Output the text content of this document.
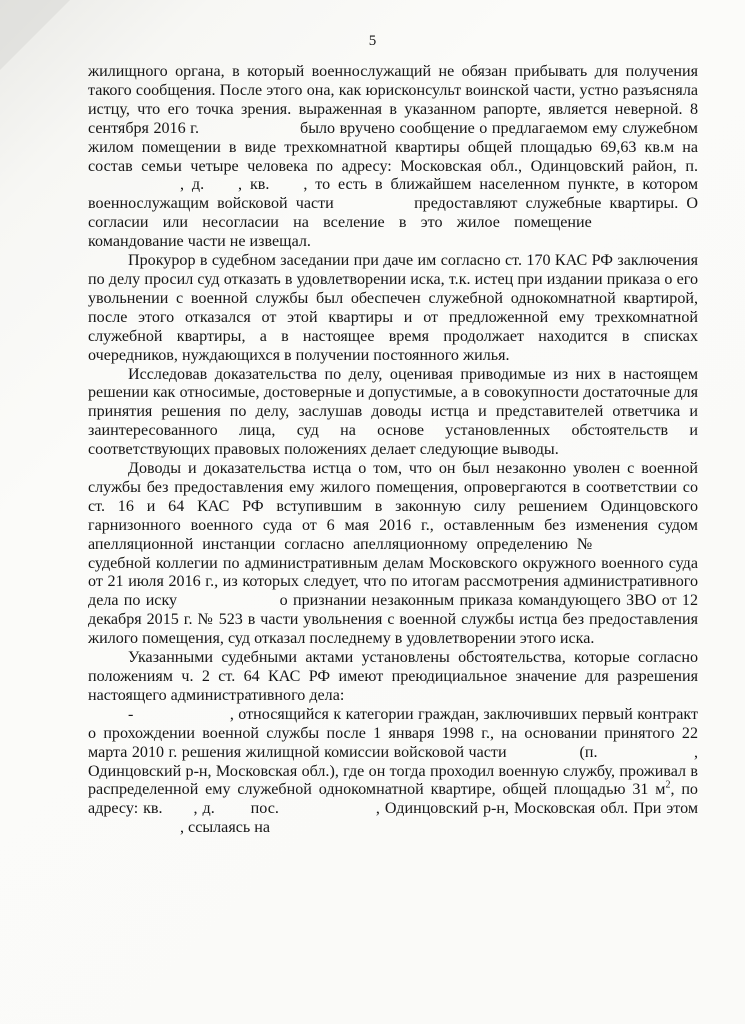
5

жилищного органа, в который военнослужащий не обязан прибывать для получения такого сообщения. После этого она, как юрисконсульт воинской части, устно разъясняла истцу, что его точка зрения. выраженная в указанном рапорте, является неверной. 8 сентября 2016 г.	было вручено сообщение о предлагаемом ему служебном жилом помещении в виде трехкомнатной квартиры общей площадью 69,63 кв.м на состав семьи четыре человека по адресу: Московская обл., Одинцовский район, п. , д. , кв. , то есть в ближайшем населенном пункте, в котором военнослужащим войсковой части	предоставляют служебные квартиры. О согласии или несогласии на вселение в это жилое помещение  командование части не извещал.

Прокурор в судебном заседании при даче им согласно ст. 170 КАС РФ заключения по делу просил суд отказать в удовлетворении иска, т.к. истец при издании приказа о его увольнении с военной службы был обеспечен служебной однокомнатной квартирой, после этого отказался от этой квартиры и от предложенной ему трехкомнатной служебной квартиры, а в настоящее время продолжает находится в списках очередников, нуждающихся в получении постоянного жилья.

Исследовав доказательства по делу, оценивая приводимые из них в настоящем решении как относимые, достоверные и допустимые, а в совокупности достаточные для принятия решения по делу, заслушав доводы истца и представителей ответчика и заинтересованного лица, суд на основе установленных обстоятельств и соответствующих правовых положениях делает следующие выводы.

Доводы и доказательства истца о том, что он был незаконно уволен с военной службы без предоставления ему жилого помещения, опровергаются в соответствии со ст. 16 и 64 КАС РФ вступившим в законную силу решением Одинцовского гарнизонного военного суда от 6 мая 2016 г., оставленным без изменения судом апелляционной инстанции согласно апелляционному определению №  судебной коллегии по административным делам Московского окружного военного суда от 21 июля 2016 г., из которых следует, что по итогам рассмотрения административного дела по иску	о признании незаконным приказа командующего ЗВО от 12 декабря 2015 г. № 523 в части увольнения с военной службы истца без предоставления жилого помещения, суд отказал последнему в удовлетворении этого иска.

Указанными судебными актами установлены обстоятельства, которые согласно положениям ч. 2 ст. 64 КАС РФ имеют преюдициальное значение для разрешения настоящего административного дела:

-	, относящийся к категории граждан, заключивших первый контракт о прохождении военной службы после 1 января 1998 г., на основании принятого 22 марта 2010 г. решения жилищной комиссии войсковой части	(п.	, Одинцовский р-н, Московская обл.), где он тогда проходил военную службу, проживал в распределенной ему служебной однокомнатной квартире, общей площадью 31 $м^2$, по адресу: кв. , д. пос.	, Одинцовский р-н, Московская обл. При этом , ссылаясь на
